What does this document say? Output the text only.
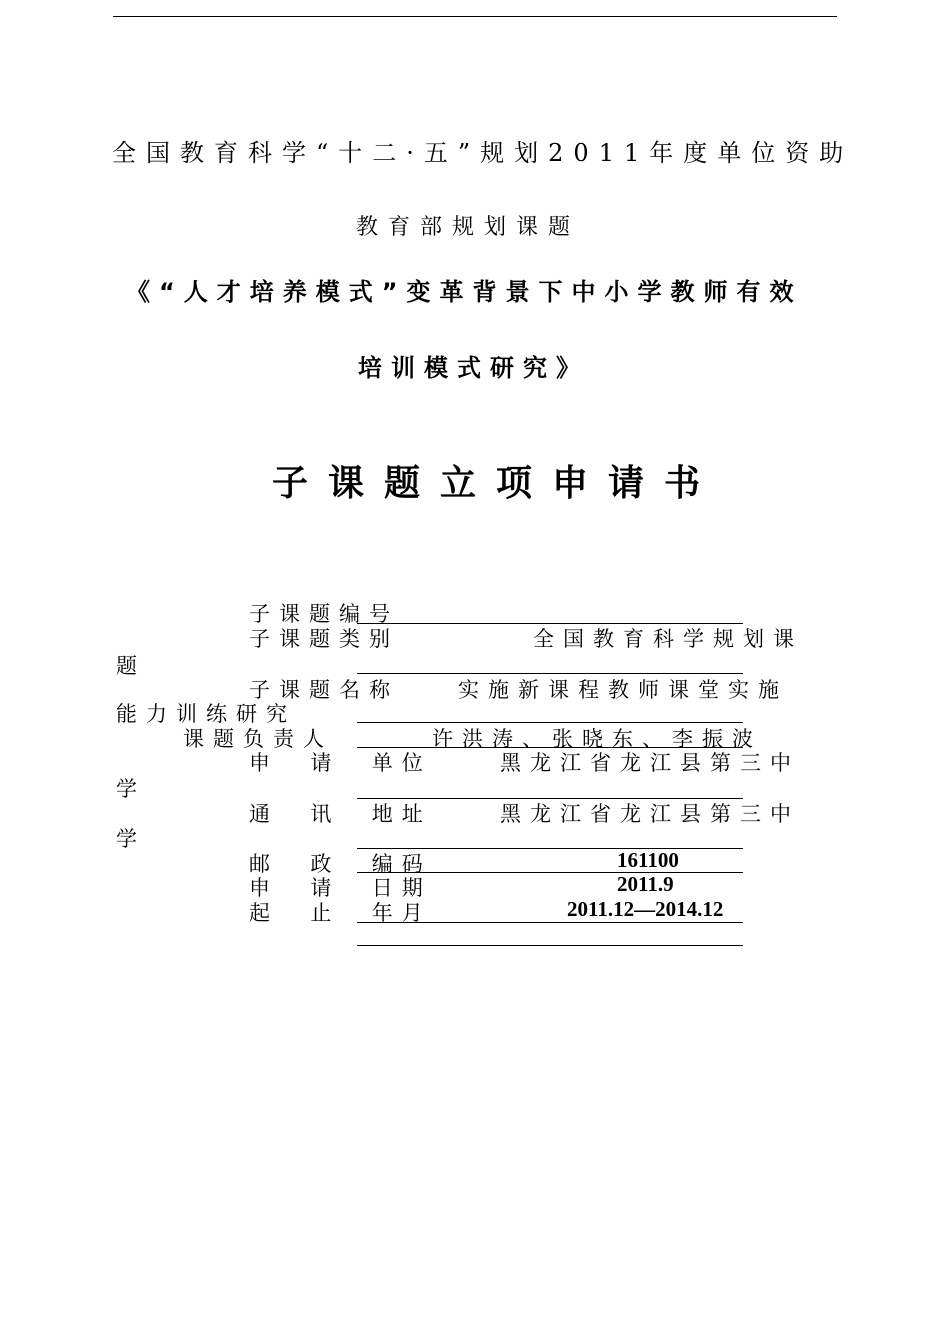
全国教育科学“十二·五”规划2011年度单位资助
教育部规划课题
《“人才培养模式”变革背景下中小学教师有效
培训模式研究》
子课题立项申请书
子课题编号
子课题类别	全国教育科学规划课
题
子课题名称	实施新课程教师课堂实施
能力训练研究
课题负责人	许洪涛、张晓东、李振波
申  请  单位	黑龙江省龙江县第三中
学
通  讯  地址	黑龙江省龙江县第三中
学
邮  政  编码	161100
申  请  日期	2011.9
起  止  年月	2011.12—2014.12
